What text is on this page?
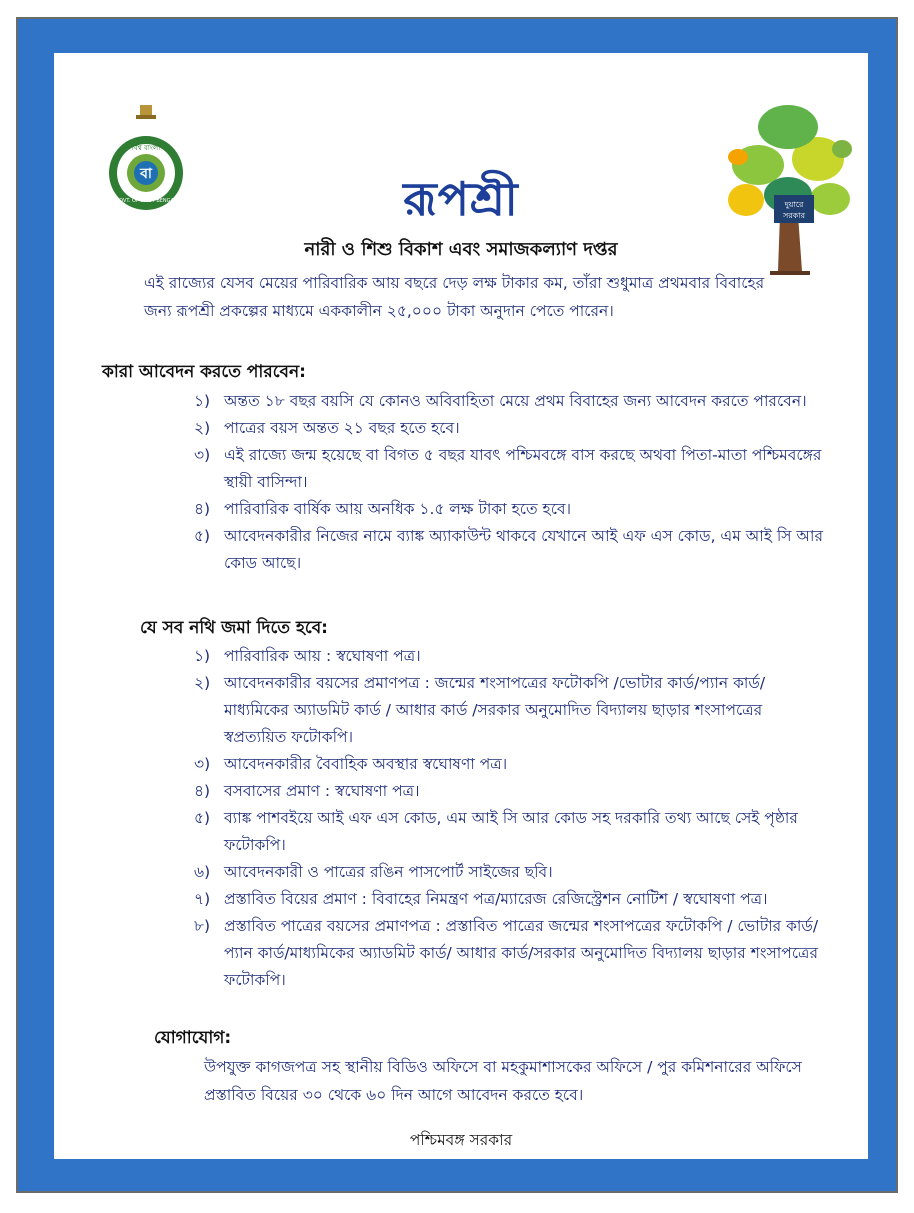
বা
বিশ্ব বাংলা
GOVT. OF WEST BENGAL	দুয়ারে
সরকার
রূপশ্রী
নারী ও শিশু বিকাশ এবং সমাজকল্যাণ দপ্তর
এই রাজ্যের যেসব মেয়ের পারিবারিক আয় বছরে দেড় লক্ষ টাকার কম, তাঁরা শুধুমাত্র প্রথমবার বিবাহের জন্য রূপশ্রী প্রকল্পের মাধ্যমে এককালীন ২৫,০০০ টাকা অনুদান পেতে পারেন।
কারা আবেদন করতে পারবেন:
১) অন্তত ১৮ বছর বয়সি যে কোনও অবিবাহিতা মেয়ে প্রথম বিবাহের জন্য আবেদন করতে পারবেন।
২) পাত্রের বয়স অন্তত ২১ বছর হতে হবে।
৩) এই রাজ্যে জন্ম হয়েছে বা বিগত ৫ বছর যাবৎ পশ্চিমবঙ্গে বাস করছে অথবা পিতা-মাতা পশ্চিমবঙ্গের স্থায়ী বাসিন্দা।
৪) পারিবারিক বার্ষিক আয় অনধিক ১.৫ লক্ষ টাকা হতে হবে।
৫) আবেদনকারীর নিজের নামে ব্যাঙ্ক অ্যাকাউন্ট থাকবে যেখানে আই এফ এস কোড, এম আই সি আর কোড আছে।
যে সব নথি জমা দিতে হবে:
১) পারিবারিক আয় : স্বঘোষণা পত্র।
২) আবেদনকারীর বয়সের প্রমাণপত্র : জন্মের শংসাপত্রের ফটোকপি /ভোটার কার্ড/প্যান কার্ড/মাধ্যমিকের অ্যাডমিট কার্ড / আধার কার্ড /সরকার অনুমোদিত বিদ্যালয় ছাড়ার শংসাপত্রের স্বপ্রত্যয়িত ফটোকপি।
৩) আবেদনকারীর বৈবাহিক অবস্থার স্বঘোষণা পত্র।
৪) বসবাসের প্রমাণ : স্বঘোষণা পত্র।
৫) ব্যাঙ্ক পাশবইয়ে আই এফ এস কোড, এম আই সি আর কোড সহ দরকারি তথ্য আছে সেই পৃষ্ঠার ফটোকপি।
৬) আবেদনকারী ও পাত্রের রঙিন পাসপোর্ট সাইজের ছবি।
৭) প্রস্তাবিত বিয়ের প্রমাণ : বিবাহের নিমন্ত্রণ পত্র/ম্যারেজ রেজিস্ট্রেশন নোটিশ / স্বঘোষণা পত্র।
৮) প্রস্তাবিত পাত্রের বয়সের প্রমাণপত্র : প্রস্তাবিত পাত্রের জন্মের শংসাপত্রের ফটোকপি / ভোটার কার্ড/প্যান কার্ড/মাধ্যমিকের অ্যাডমিট কার্ড/ আধার কার্ড/সরকার অনুমোদিত বিদ্যালয় ছাড়ার শংসাপত্রের ফটোকপি।
যোগাযোগ:
উপযুক্ত কাগজপত্র সহ স্থানীয় বিডিও অফিসে বা মহকুমাশাসকের অফিসে / পুর কমিশনারের অফিসে প্রস্তাবিত বিয়ের ৩০ থেকে ৬০ দিন আগে আবেদন করতে হবে।
পশ্চিমবঙ্গ সরকার
